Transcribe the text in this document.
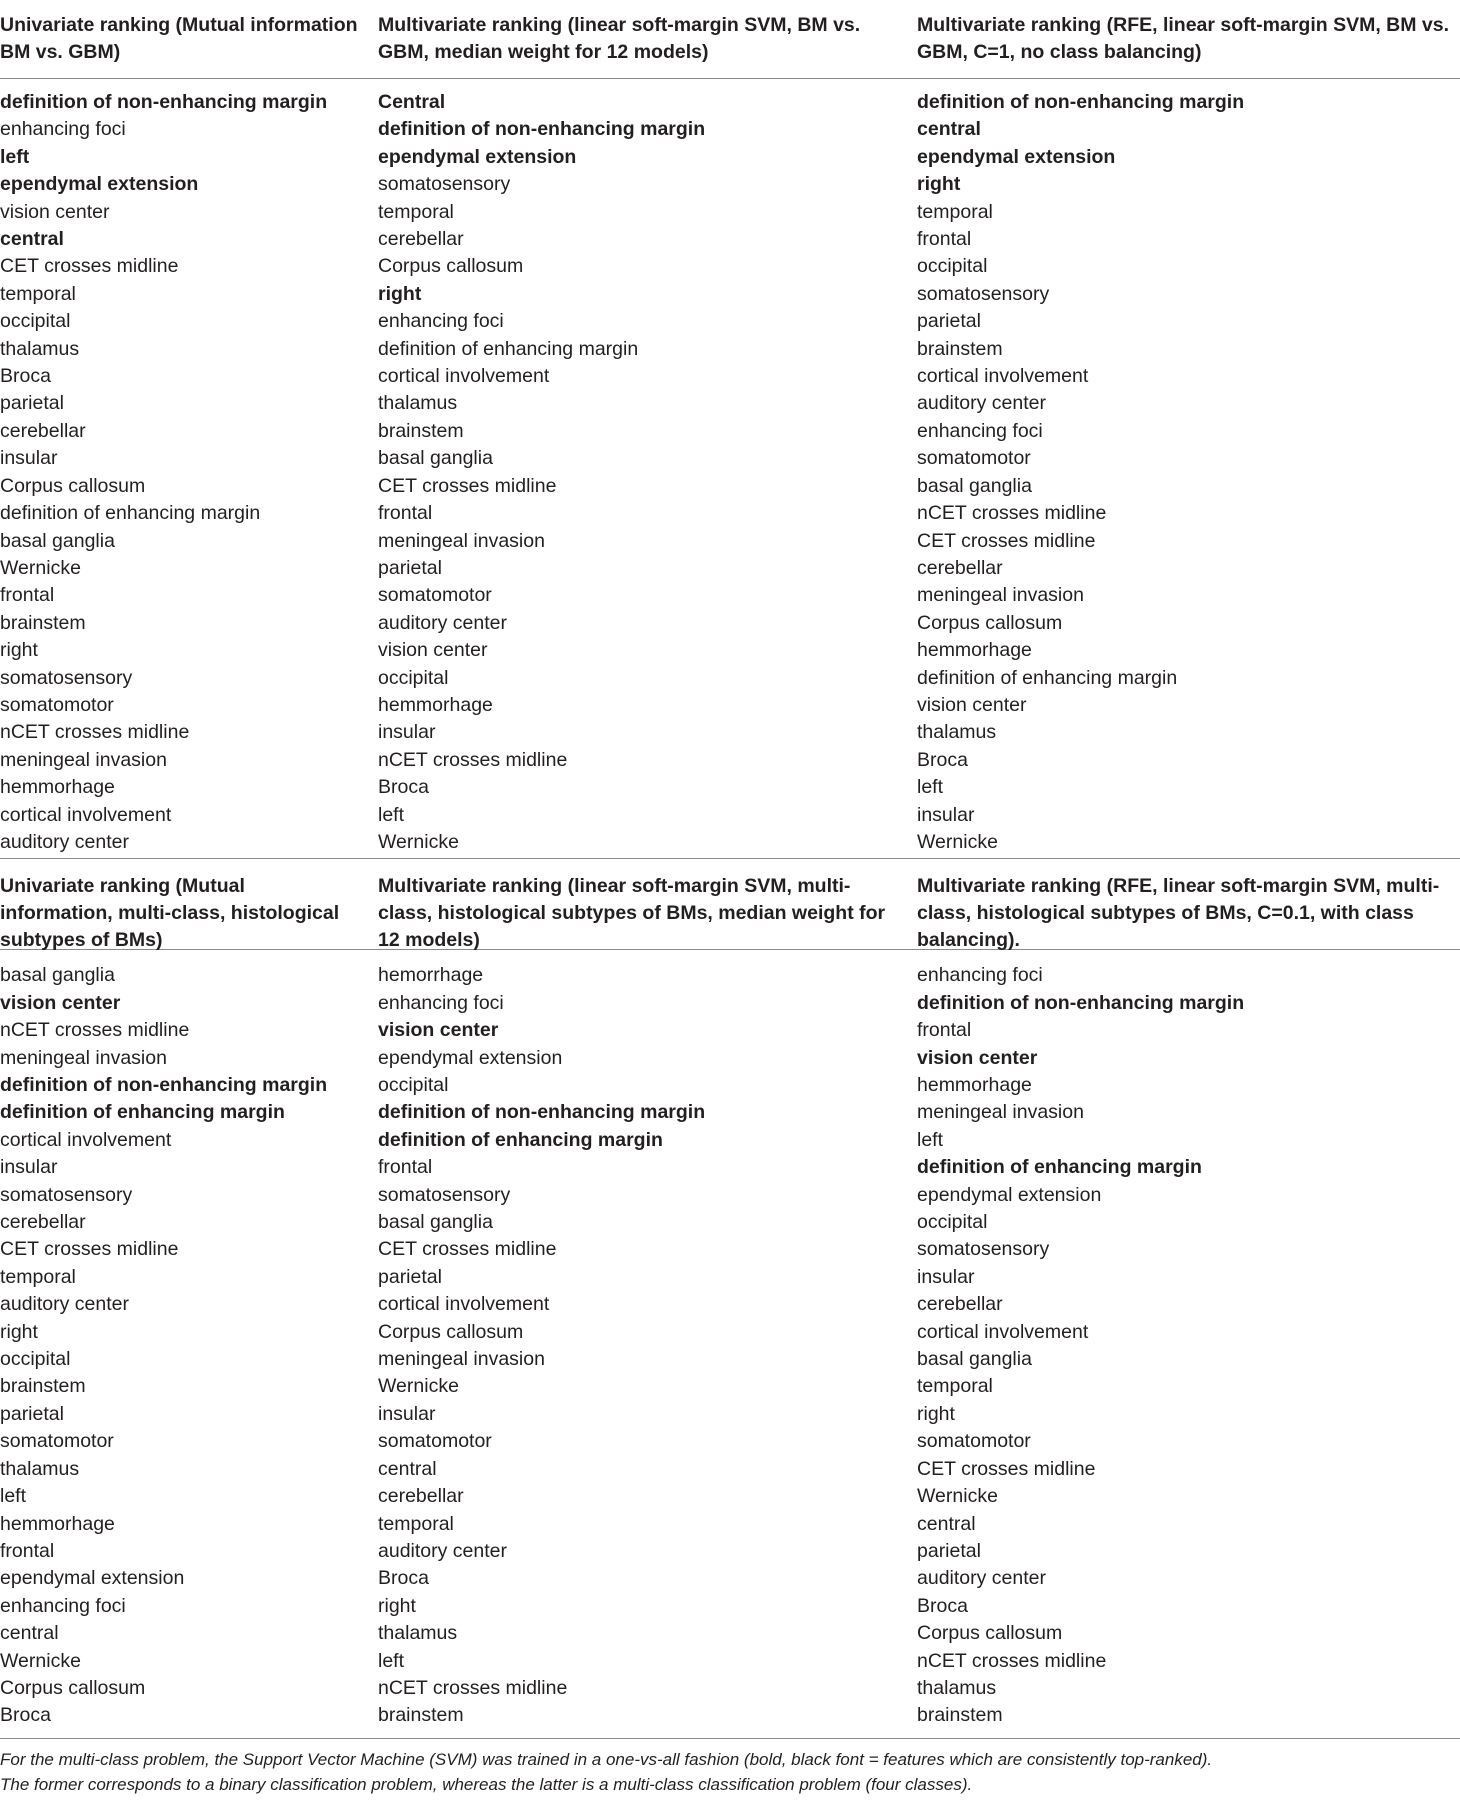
Univariate ranking (Mutual information BM vs. GBM)
Multivariate ranking (linear soft-margin SVM, BM vs. GBM, median weight for 12 models)
Multivariate ranking (RFE, linear soft-margin SVM, BM vs. GBM, C=1, no class balancing)
definition of non-enhancing margin
enhancing foci
left
ependymal extension
vision center
central
CET crosses midline
temporal
occipital
thalamus
Broca
parietal
cerebellar
insular
Corpus callosum
definition of enhancing margin
basal ganglia
Wernicke
frontal
brainstem
right
somatosensory
somatomotor
nCET crosses midline
meningeal invasion
hemmorhage
cortical involvement
auditory center
Central
definition of non-enhancing margin
ependymal extension
somatosensory
temporal
cerebellar
Corpus callosum
right
enhancing foci
definition of enhancing margin
cortical involvement
thalamus
brainstem
basal ganglia
CET crosses midline
frontal
meningeal invasion
parietal
somatomotor
auditory center
vision center
occipital
hemmorhage
insular
nCET crosses midline
Broca
left
Wernicke
definition of non-enhancing margin
central
ependymal extension
right
temporal
frontal
occipital
somatosensory
parietal
brainstem
cortical involvement
auditory center
enhancing foci
somatomotor
basal ganglia
nCET crosses midline
CET crosses midline
cerebellar
meningeal invasion
Corpus callosum
hemmorhage
definition of enhancing margin
vision center
thalamus
Broca
left
insular
Wernicke
Univariate ranking (Mutual information, multi-class, histological subtypes of BMs)
Multivariate ranking (linear soft-margin SVM, multi-class, histological subtypes of BMs, median weight for 12 models)
Multivariate ranking (RFE, linear soft-margin SVM, multi-class, histological subtypes of BMs, C=0.1, with class balancing).
basal ganglia
vision center
nCET crosses midline
meningeal invasion
definition of non-enhancing margin
definition of enhancing margin
cortical involvement
insular
somatosensory
cerebellar
CET crosses midline
temporal
auditory center
right
occipital
brainstem
parietal
somatomotor
thalamus
left
hemmorhage
frontal
ependymal extension
enhancing foci
central
Wernicke
Corpus callosum
Broca
hemorrhage
enhancing foci
vision center
ependymal extension
occipital
definition of non-enhancing margin
definition of enhancing margin
frontal
somatosensory
basal ganglia
CET crosses midline
parietal
cortical involvement
Corpus callosum
meningeal invasion
Wernicke
insular
somatomotor
central
cerebellar
temporal
auditory center
Broca
right
thalamus
left
nCET crosses midline
brainstem
enhancing foci
definition of non-enhancing margin
frontal
vision center
hemmorhage
meningeal invasion
left
definition of enhancing margin
ependymal extension
occipital
somatosensory
insular
cerebellar
cortical involvement
basal ganglia
temporal
right
somatomotor
CET crosses midline
Wernicke
central
parietal
auditory center
Broca
Corpus callosum
nCET crosses midline
thalamus
brainstem
For the multi-class problem, the Support Vector Machine (SVM) was trained in a one-vs-all fashion (bold, black font = features which are consistently top-ranked).
The former corresponds to a binary classification problem, whereas the latter is a multi-class classification problem (four classes).
